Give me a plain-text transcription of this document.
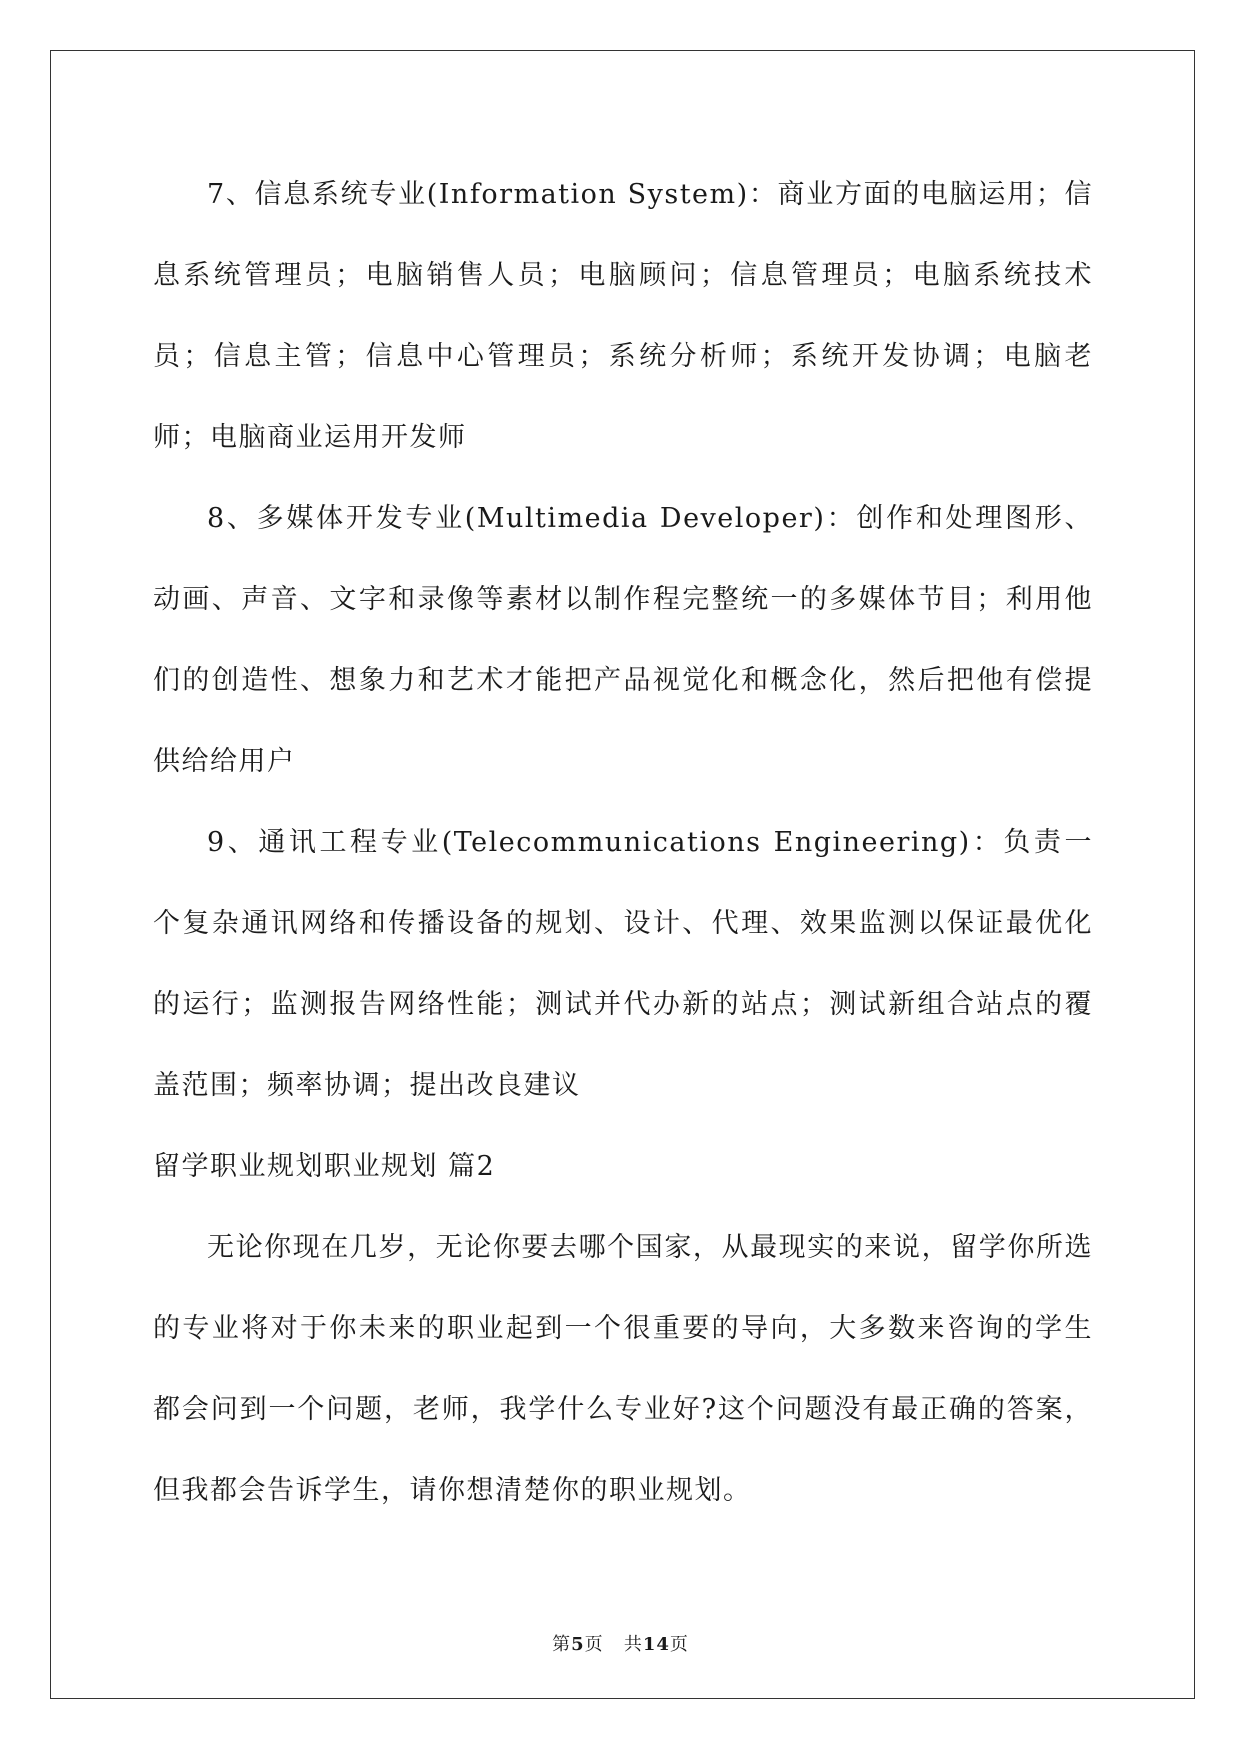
7、信息系统专业(Information System)：商业方面的电脑运用；信息系统管理员；电脑销售人员；电脑顾问；信息管理员；电脑系统技术员；信息主管；信息中心管理员；系统分析师；系统开发协调；电脑老师；电脑商业运用开发师

8、多媒体开发专业(Multimedia Developer)：创作和处理图形、动画、声音、文字和录像等素材以制作程完整统一的多媒体节目；利用他们的创造性、想象力和艺术才能把产品视觉化和概念化，然后把他有偿提供给给用户

9、通讯工程专业(Telecommunications Engineering)：负责一个复杂通讯网络和传播设备的规划、设计、代理、效果监测以保证最优化的运行；监测报告网络性能；测试并代办新的站点；测试新组合站点的覆盖范围；频率协调；提出改良建议

留学职业规划职业规划 篇2

无论你现在几岁，无论你要去哪个国家，从最现实的来说，留学你所选的专业将对于你未来的职业起到一个很重要的导向，大多数来咨询的学生都会问到一个问题，老师，我学什么专业好?这个问题没有最正确的答案，但我都会告诉学生，请你想清楚你的职业规划。

第5页 共14页
